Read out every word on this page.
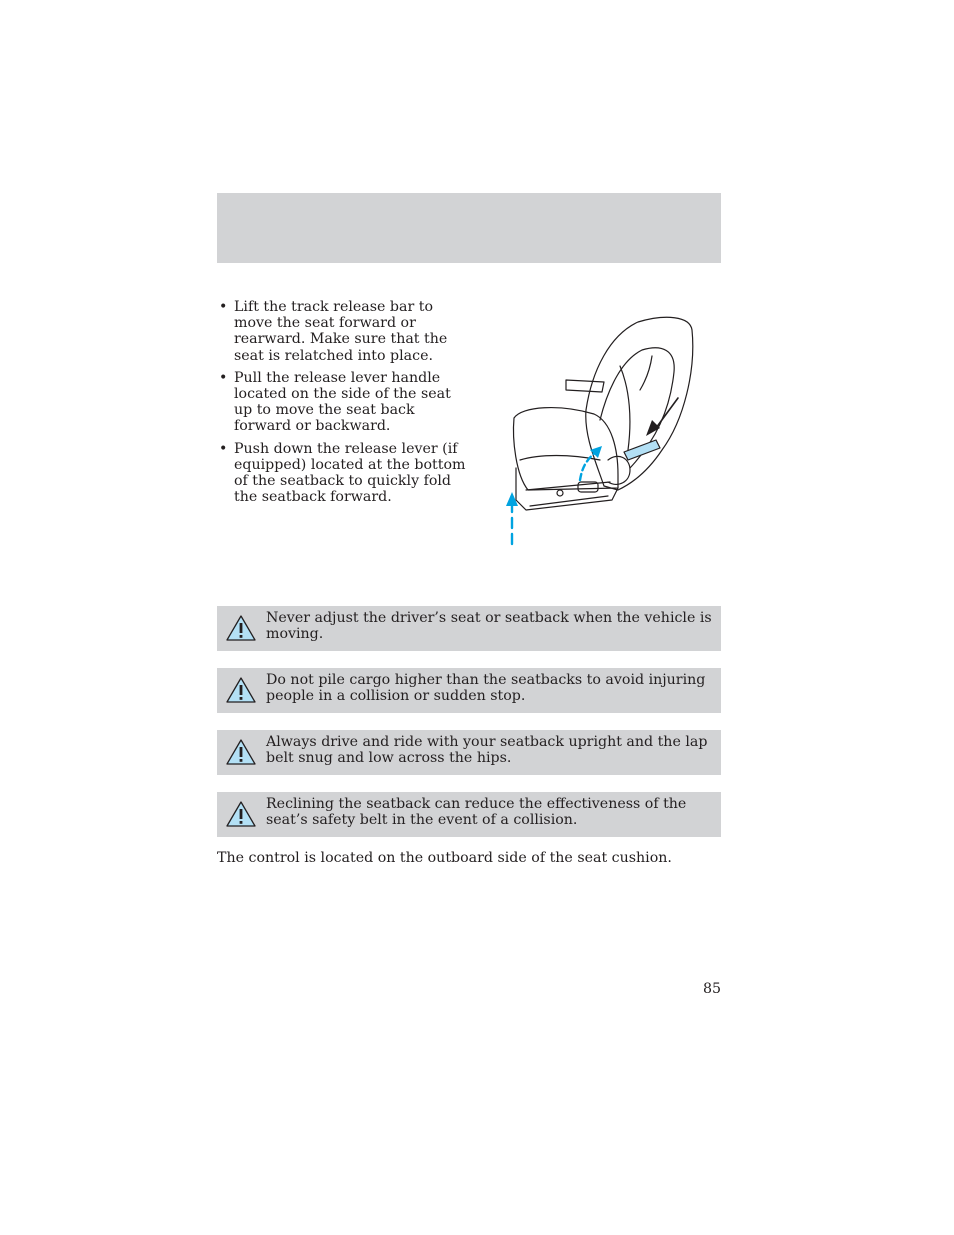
• Lift the track release bar to move the seat forward or rearward. Make sure that the seat is relatched into place.
• Pull the release lever handle located on the side of the seat up to move the seat back forward or backward.
• Push down the release lever (if equipped) located at the bottom of the seatback to quickly fold the seatback forward.
Never adjust the driver’s seat or seatback when the vehicle is moving.
Do not pile cargo higher than the seatbacks to avoid injuring people in a collision or sudden stop.
Always drive and ride with your seatback upright and the lap belt snug and low across the hips.
Reclining the seatback can reduce the effectiveness of the seat’s safety belt in the event of a collision.
The control is located on the outboard side of the seat cushion.
85
